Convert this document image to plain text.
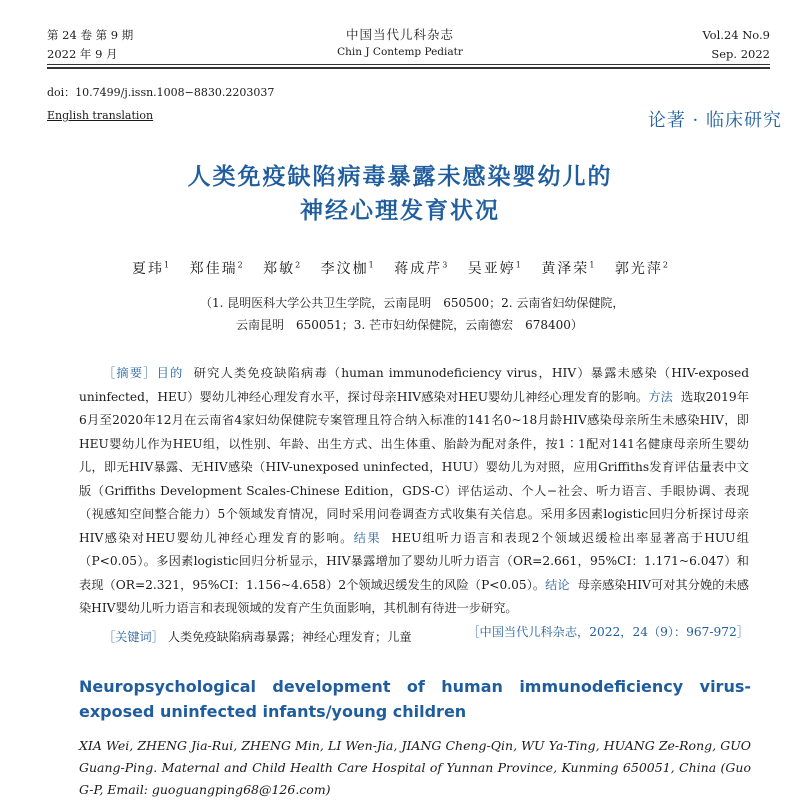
第 24 卷 第 9 期
2022 年 9 月
中国当代儿科杂志
Chin J Contemp Pediatr
Vol.24 No.9
Sep. 2022
doi：10.7499/j.issn.1008−8830.2203037
English translation	论著 · 临床研究
人类免疫缺陷病毒暴露未感染婴幼儿的
神经心理发育状况
夏玮$^1$ 郑佳瑞$^2$ 郑敏$^2$ 李汶枷$^1$ 蒋成芹$^3$ 吴亚婷$^1$ 黄泽荣$^1$ 郭光萍$^2$
（1. 昆明医科大学公共卫生学院，云南昆明　650500；2. 云南省妇幼保健院，
云南昆明　650051；3. 芒市妇幼保健院，云南德宏　678400）
［摘要］目的 研究人类免疫缺陷病毒（human immunodeficiency virus，HIV）暴露未感染（HIV-exposed uninfected，HEU）婴幼儿神经心理发育水平，探讨母亲HIV感染对HEU婴幼儿神经心理发育的影响。方法 选取2019年6月至2020年12月在云南省4家妇幼保健院专案管理且符合纳入标准的141名0~18月龄HIV感染母亲所生未感染HIV，即HEU婴幼儿作为HEU组，以性别、年龄、出生方式、出生体重、胎龄为配对条件，按1∶1配对141名健康母亲所生婴幼儿，即无HIV暴露、无HIV感染（HIV-unexposed uninfected，HUU）婴幼儿为对照，应用Griffiths发育评估量表中文版（Griffiths Development Scales-Chinese Edition，GDS-C）评估运动、个人−社会、听力语言、手眼协调、表现（视感知空间整合能力）5个领域发育情况，同时采用问卷调查方式收集有关信息。采用多因素logistic回归分析探讨母亲HIV感染对HEU婴幼儿神经心理发育的影响。结果 HEU组听力语言和表现2个领域迟缓检出率显著高于HUU组（P<0.05）。多因素logistic回归分析显示，HIV暴露增加了婴幼儿听力语言（OR=2.661，95%CI：1.171~6.047）和表现（OR=2.321，95%CI：1.156~4.658）2个领域迟缓发生的风险（P<0.05）。结论 母亲感染HIV可对其分娩的未感染HIV婴幼儿听力语言和表现领域的发育产生负面影响，其机制有待进一步研究。
［中国当代儿科杂志，2022，24（9）：967-972］
［关键词］ 人类免疫缺陷病毒暴露；神经心理发育；儿童
Neuropsychological development of human immunodeficiency virus-exposed uninfected infants/young children
XIA Wei, ZHENG Jia-Rui, ZHENG Min, LI Wen-Jia, JIANG Cheng-Qin, WU Ya-Ting, HUANG Ze-Rong, GUO Guang-Ping. Maternal and Child Health Care Hospital of Yunnan Province, Kunming 650051, China (Guo G-P, Email: guoguangping68@126.com)
